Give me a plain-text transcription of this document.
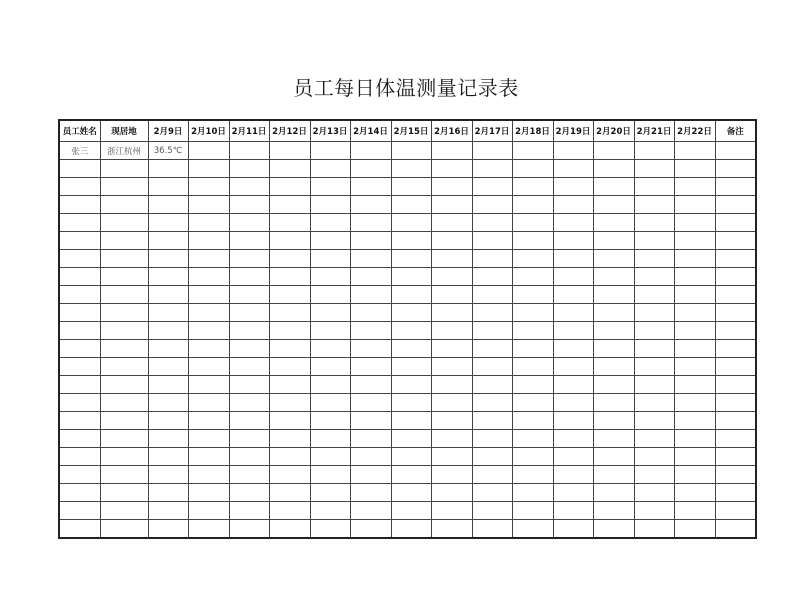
员工每日体温测量记录表
员工姓名	现居地	2月9日	2月10日	2月11日	2月12日	2月13日	2月14日	2月15日	2月16日	2月17日	2月18日	2月19日	2月20日	2月21日	2月22日	备注
张三	浙江杭州	36.5℃														
